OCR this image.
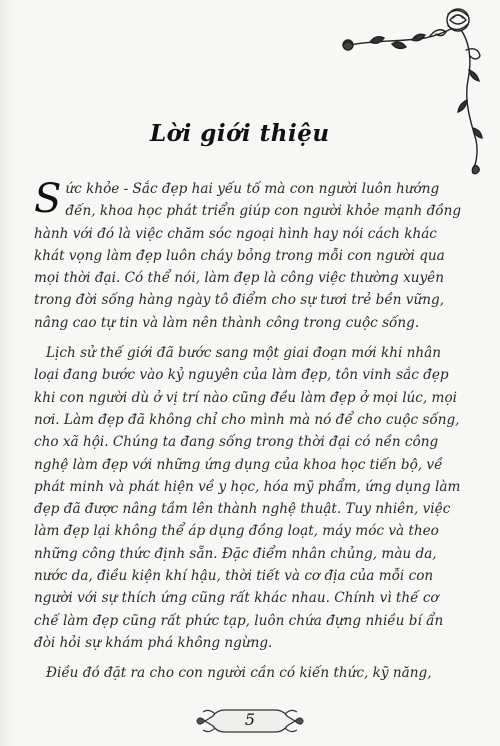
Lời giới thiệu

Sức khỏe - Sắc đẹp hai yếu tố mà con người luôn hướng đến, khoa học phát triển giúp con người khỏe mạnh đồng hành với đó là việc chăm sóc ngoại hình hay nói cách khác khát vọng làm đẹp luôn cháy bỏng trong mỗi con người qua mọi thời đại. Có thể nói, làm đẹp là công việc thường xuyên trong đời sống hàng ngày tô điểm cho sự tươi trẻ bền vững, nâng cao tự tin và làm nên thành công trong cuộc sống.

Lịch sử thế giới đã bước sang một giai đoạn mới khi nhân loại đang bước vào kỷ nguyên của làm đẹp, tôn vinh sắc đẹp khi con người dù ở vị trí nào cũng đều làm đẹp ở mọi lúc, mọi nơi. Làm đẹp đã không chỉ cho mình mà nó để cho cuộc sống, cho xã hội. Chúng ta đang sống trong thời đại có nền công nghệ làm đẹp với những ứng dụng của khoa học tiến bộ, về phát minh và phát hiện về y học, hóa mỹ phẩm, ứng dụng làm đẹp đã được nâng tầm lên thành nghệ thuật. Tuy nhiên, việc làm đẹp lại không thể áp dụng đồng loạt, máy móc và theo những công thức định sẵn. Đặc điểm nhân chủng, màu da, nước da, điều kiện khí hậu, thời tiết và cơ địa của mỗi con người với sự thích ứng cũng rất khác nhau. Chính vì thế cơ chế làm đẹp cũng rất phức tạp, luôn chứa đựng nhiều bí ẩn đòi hỏi sự khám phá không ngừng.

Điều đó đặt ra cho con người cần có kiến thức, kỹ năng,

5
